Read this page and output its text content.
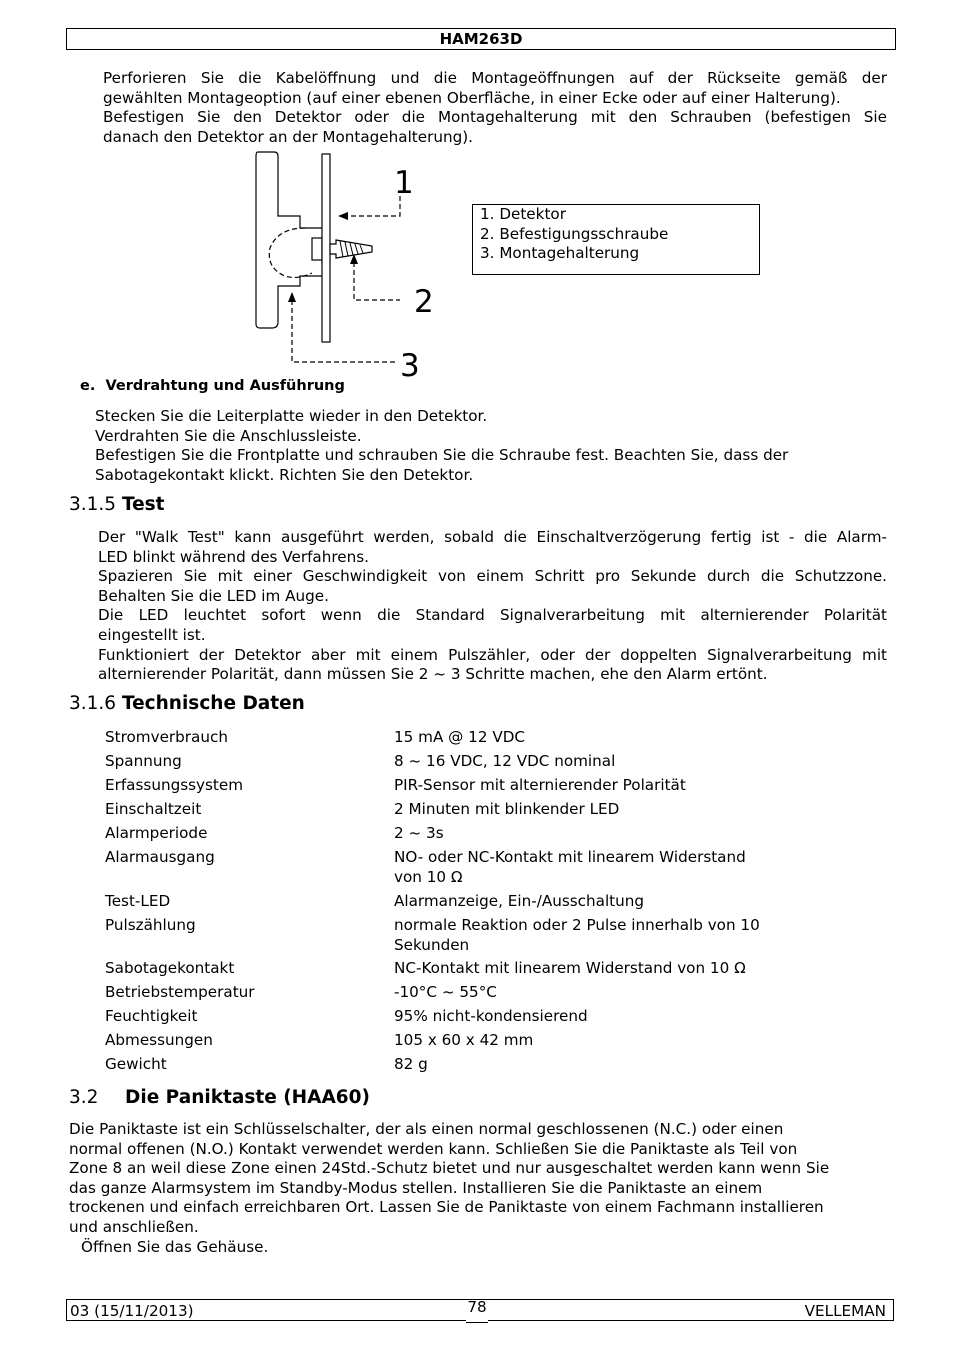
HAM263D
Perforieren Sie die Kabelöffnung und die Montageöffnungen auf der Rückseite gemäß der
gewählten Montageoption (auf einer ebenen Oberfläche, in einer Ecke oder auf einer Halterung).
Befestigen Sie den Detektor oder die Montagehalterung mit den Schrauben (befestigen Sie
danach den Detektor an der Montagehalterung).
1
2
3
1. Detektor
2. Befestigungsschraube
3. Montagehalterung
e.  Verdrahtung und Ausführung
Stecken Sie die Leiterplatte wieder in den Detektor.
Verdrahten Sie die Anschlussleiste.
Befestigen Sie die Frontplatte und schrauben Sie die Schraube fest. Beachten Sie, dass der
Sabotagekontakt klickt. Richten Sie den Detektor.
3.1.5 Test
Der "Walk Test" kann ausgeführt werden, sobald die Einschaltverzögerung fertig ist - die Alarm-
LED blinkt während des Verfahrens.
Spazieren Sie mit einer Geschwindigkeit von einem Schritt pro Sekunde durch die Schutzzone.
Behalten Sie die LED im Auge.
Die LED leuchtet sofort wenn die Standard Signalverarbeitung mit alternierender Polarität
eingestellt ist.
Funktioniert der Detektor aber mit einem Pulszähler, oder der doppelten Signalverarbeitung mit
alternierender Polarität, dann müssen Sie 2 ~ 3 Schritte machen, ehe den Alarm ertönt.
3.1.6 Technische Daten
Stromverbrauch	15 mA @ 12 VDC
Spannung	8 ~ 16 VDC, 12 VDC nominal
Erfassungssystem	PIR-Sensor mit alternierender Polarität
Einschaltzeit	2 Minuten mit blinkender LED
Alarmperiode	2 ~ 3s
Alarmausgang	NO- oder NC-Kontakt mit linearem Widerstand
von 10 Ω
Test-LED	Alarmanzeige, Ein-/Ausschaltung
Pulszählung	normale Reaktion oder 2 Pulse innerhalb von 10
Sekunden
Sabotagekontakt	NC-Kontakt mit linearem Widerstand von 10 Ω
Betriebstemperatur	-10°C ~ 55°C
Feuchtigkeit	95% nicht-kondensierend
Abmessungen	105 x 60 x 42 mm
Gewicht	82 g
3.2 Die Paniktaste (HAA60)
Die Paniktaste ist ein Schlüsselschalter, der als einen normal geschlossenen (N.C.) oder einen
normal offenen (N.O.) Kontakt verwendet werden kann. Schließen Sie die Paniktaste als Teil von
Zone 8 an weil diese Zone einen 24Std.-Schutz bietet und nur ausgeschaltet werden kann wenn Sie
das ganze Alarmsystem im Standby-Modus stellen. Installieren Sie die Paniktaste an einem
trockenen und einfach erreichbaren Ort. Lassen Sie de Paniktaste von einem Fachmann installieren
und anschließen.
Öffnen Sie das Gehäuse.
03 (15/11/2013)	78	VELLEMAN
